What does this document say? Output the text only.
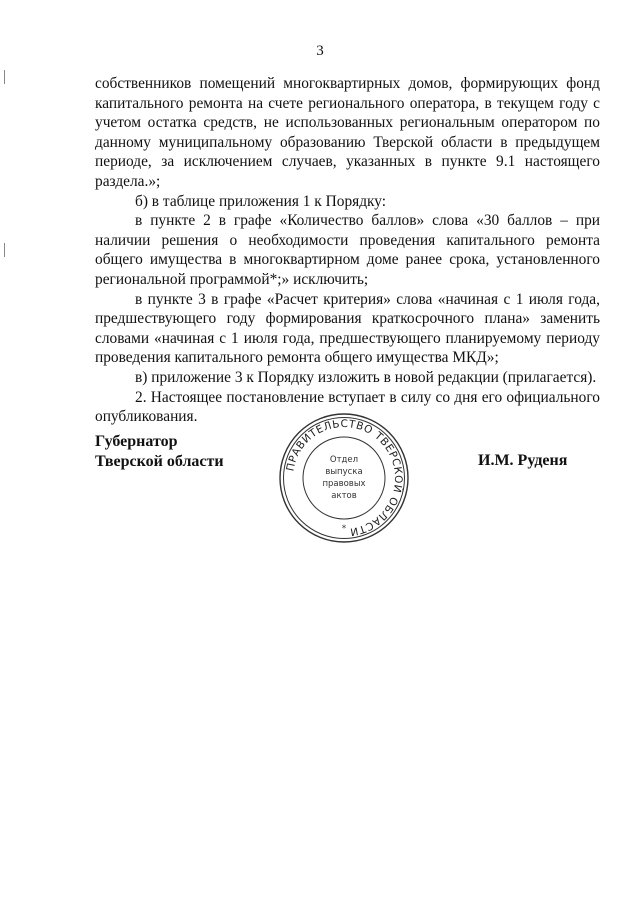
3

собственников помещений многоквартирных домов, формирующих фонд капитального ремонта на счете регионального оператора, в текущем году с учетом остатка средств, не использованных региональным оператором по данному муниципальному образованию Тверской области в предыдущем периоде, за исключением случаев, указанных в пункте 9.1 настоящего раздела.»;

б) в таблице приложения 1 к Порядку:

в пункте 2 в графе «Количество баллов» слова «30 баллов – при наличии решения о необходимости проведения капитального ремонта общего имущества в многоквартирном доме ранее срока, установленного региональной программой*;» исключить;

в пункте 3 в графе «Расчет критерия» слова «начиная с 1 июля года, предшествующего году формирования краткосрочного плана» заменить словами «начиная с 1 июля года, предшествующего планируемому периоду проведения капитального ремонта общего имущества МКД»;

в) приложение 3 к Порядку изложить в новой редакции (прилагается).

2. Настоящее постановление вступает в силу со дня его официального опубликования.

Губернатор
Тверской области	И.М. Руденя
ПРАВИТЕЛЬСТВО ТВЕРСКОЙ ОБЛАСТИ
Отдел
выпуска
правовых
актов
*
